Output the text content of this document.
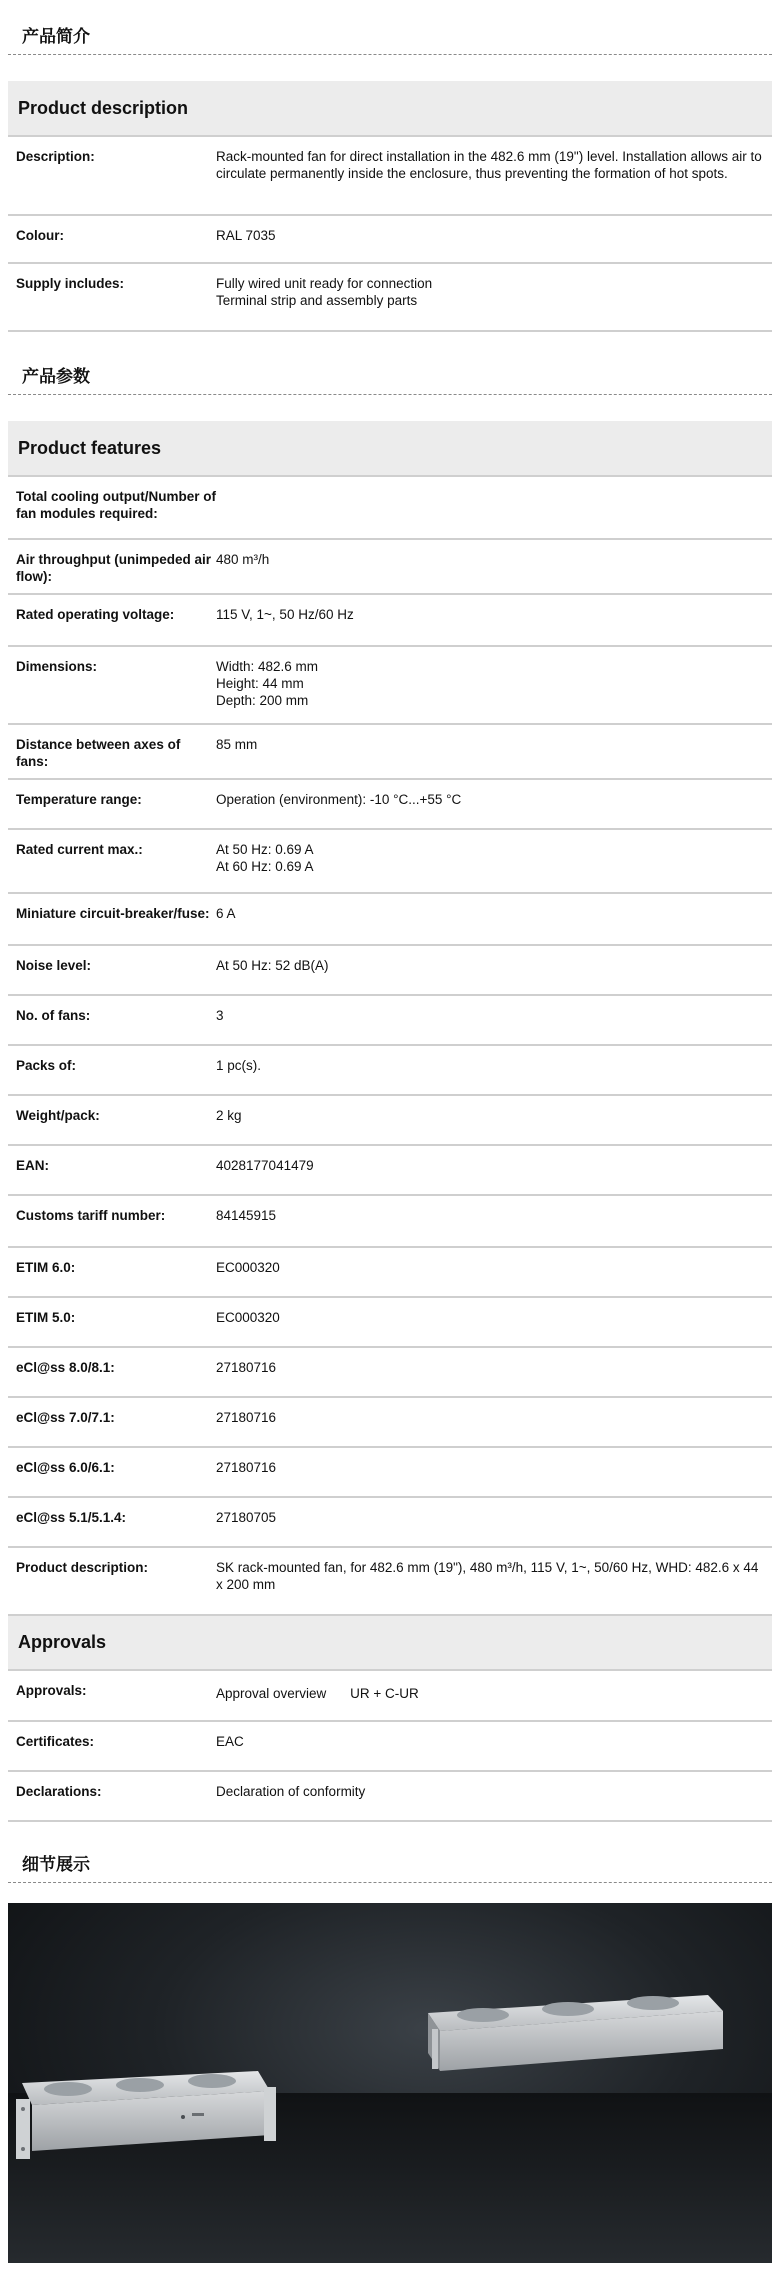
产品简介
Product description
Description:	Rack-mounted fan for direct installation in the 482.6 mm (19") level. Installation allows air to circulate permanently inside the enclosure, thus preventing the formation of hot spots.
Colour:	RAL 7035
Supply includes:	Fully wired unit ready for connection
Terminal strip and assembly parts
产品参数
Product features
Total cooling output/Number of fan modules required:	
Air throughput (unimpeded air flow):	480 m³/h
Rated operating voltage:	115 V, 1~, 50 Hz/60 Hz
Dimensions:	Width: 482.6 mm
Height: 44 mm
Depth: 200 mm
Distance between axes of fans:	85 mm
Temperature range:	Operation (environment): -10 °C...+55 °C
Rated current max.:	At 50 Hz: 0.69 A
At 60 Hz: 0.69 A
Miniature circuit-breaker/fuse:	6 A
Noise level:	At 50 Hz: 52 dB(A)
No. of fans:	3
Packs of:	1 pc(s).
Weight/pack:	2 kg
EAN:	4028177041479
Customs tariff number:	84145915
ETIM 6.0:	EC000320
ETIM 5.0:	EC000320
eCl@ss 8.0/8.1:	27180716
eCl@ss 7.0/7.1:	27180716
eCl@ss 6.0/6.1:	27180716
eCl@ss 5.1/5.1.4:	27180705
Product description:	SK rack-mounted fan, for 482.6 mm (19"), 480 m³/h, 115 V, 1~, 50/60 Hz, WHD: 482.6 x 44 x 200 mm
Approvals
Approvals:	Approval overview UR + C-UR
Certificates:	EAC
Declarations:	Declaration of conformity
细节展示
